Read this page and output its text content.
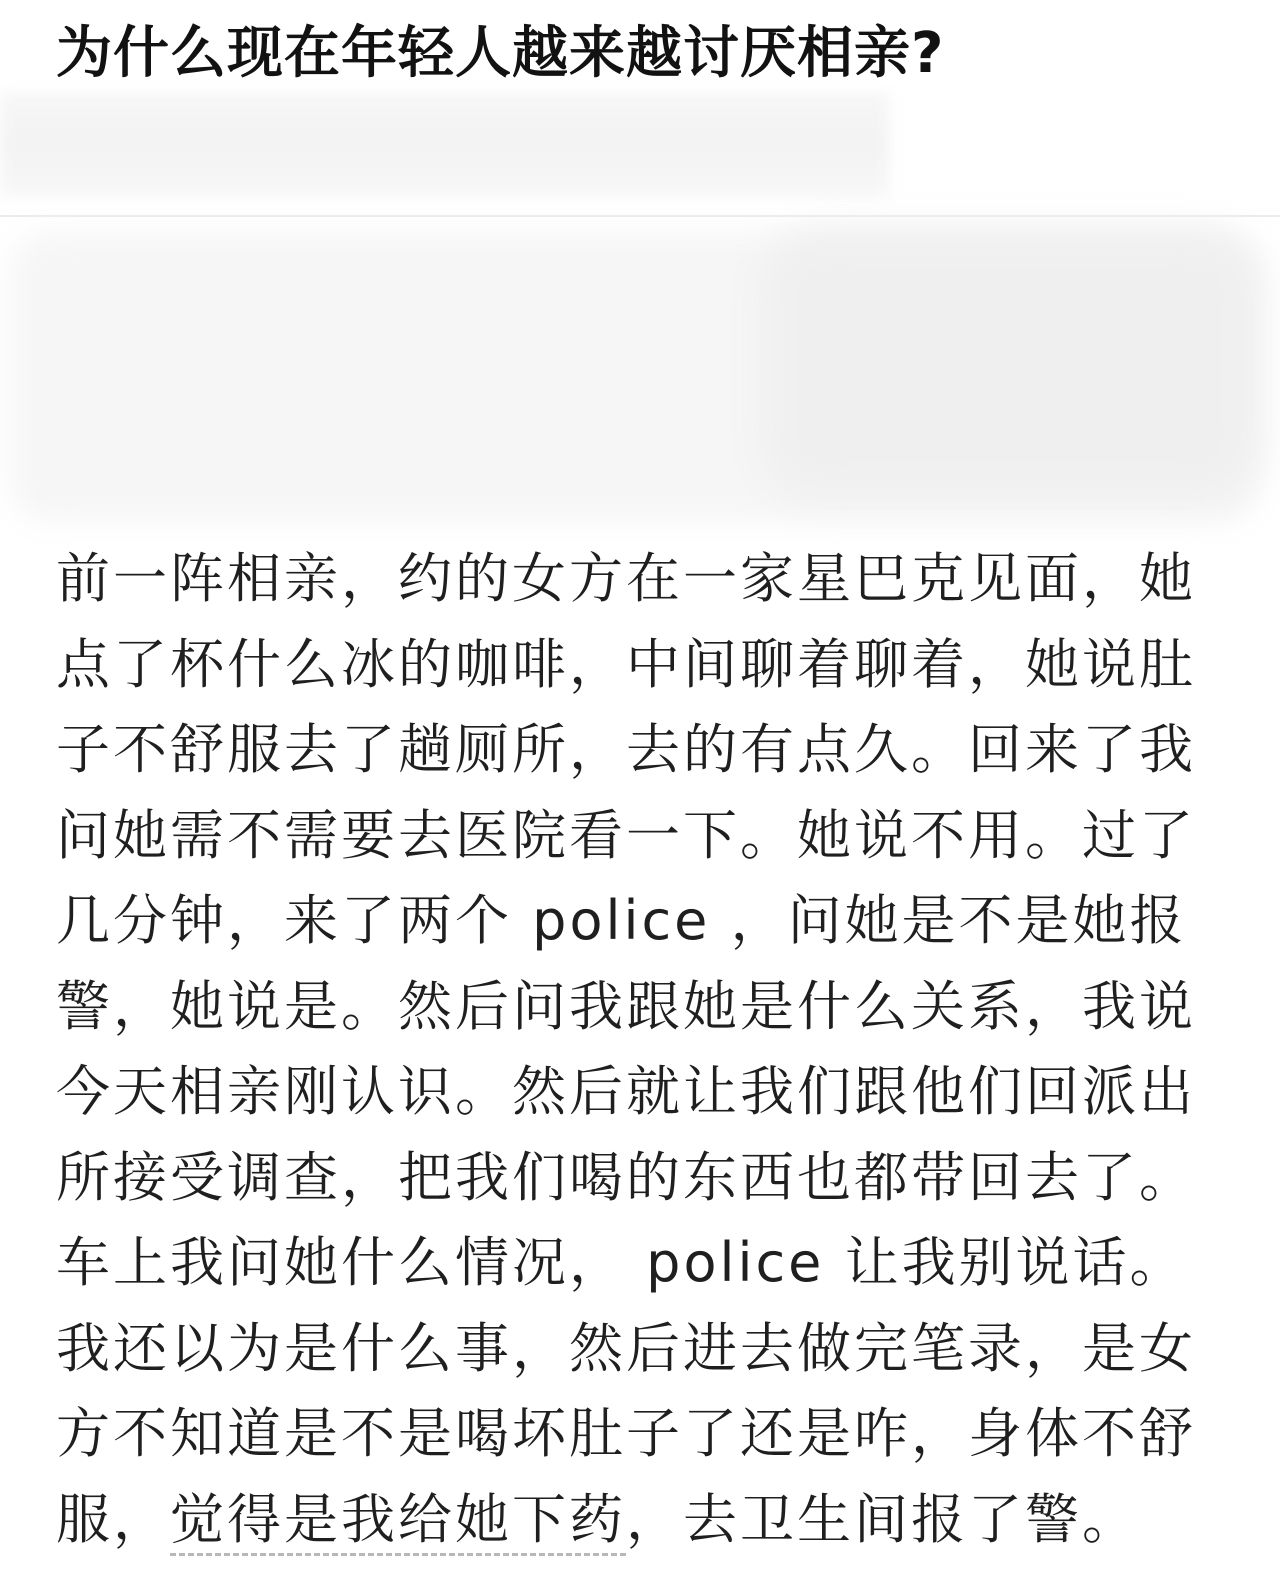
为什么现在年轻人越来越讨厌相亲?
前一阵相亲，约的女方在一家星巴克见面，她
点了杯什么冰的咖啡，中间聊着聊着，她说肚
子不舒服去了趟厕所，去的有点久。回来了我
问她需不需要去医院看一下。她说不用。过了
几分钟，来了两个 police ，问她是不是她报
警，她说是。然后问我跟她是什么关系，我说
今天相亲刚认识。然后就让我们跟他们回派出
所接受调查，把我们喝的东西也都带回去了。
车上我问她什么情况， police 让我别说话。
我还以为是什么事，然后进去做完笔录，是女
方不知道是不是喝坏肚子了还是咋，身体不舒
服，觉得是我给她下药，去卫生间报了警。
